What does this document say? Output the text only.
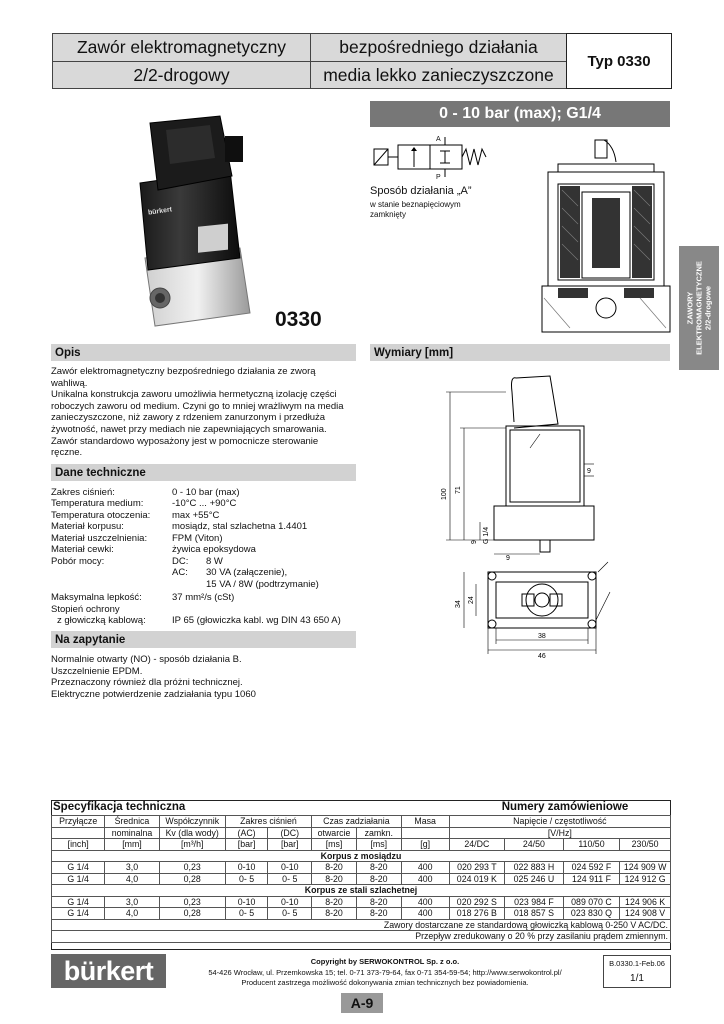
Zawór elektromagnetyczny	bezpośredniego działania
2/2-drogowy	media lekko zanieczyszczone
Typ 0330
0 - 10 bar (max); G1/4
ZAWORY ELEKTROMAGNETYCZNE 2/2-drogowe
bürkert
0330
A
P
Sposób działania „A”
w stanie beznapięciowym
zamknięty
Opis
Zawór elektromagnetyczny bezpośredniego działania ze zworą
wahliwą.
Unikalna konstrukcja zaworu umożliwia hermetyczną izolację części
roboczych zaworu od medium. Czyni go to mniej wrażliwym na media
zanieczyszczone, niż zawory z rdzeniem zanurzonym i przedłuża
żywotność, nawet przy mediach nie zapewniających smarowania.
Zawór standardowo wyposażony jest w pomocnicze sterowanie
ręczne.
Wymiary [mm]
100 71
9 G 1/4
9
9
34
24
38
46
Dane techniczne
Zakres ciśnień:	0 - 10 bar (max)
Temperatura medium:	-10°C ... +90°C
Temperatura otoczenia: max +55°C
Materiał korpusu:	mosiądz, stal szlachetna 1.4401
Materiał uszczelnienia:	FPM (Viton)
Materiał cewki:	żywica epoksydowa
Pobór mocy:	DC: 8 W
AC: 30 VA (załączenie),
15 VA / 8W (podtrzymanie)
Maksymalna lepkość:	37 mm²/s (cSt)
Stopień ochrony
z głowiczką kablową:	IP 65 (głowiczka kabl. wg DIN 43 650 A)
Na zapytanie
Normalnie otwarty (NO) - sposób działania B.
Uszczelnienie EPDM.
Przeznaczony również dla próżni technicznej.
Elektryczne potwierdzenie zadziałania typu 1060
Specyfikacja techniczna	Numery zamówieniowe
Przyłącze	Średnica	Współczynnik	Zakres ciśnień		Czas zadziałania		Masa	Napięcie / częstotliwość			
	nominalna	Kv (dla wody)	(AC)	(DC)	otwarcie	zamkn.		[V/Hz]			
[inch]	[mm]	[m³/h]	[bar]	[bar]	[ms]	[ms]	[g]	24/DC	24/50	110/50	230/50
Korpus z mosiądzu											
G 1/4	3,0	0,23	0-10	0-10	8-20	8-20	400	020 293 T	022 883 H	024 592 F	124 909 W
G 1/4	4,0	0,28	0- 5	0- 5	8-20	8-20	400	024 019 K	025 246 U	124 911 F	124 912 G
Korpus ze stali szlachetnej											
G 1/4	3,0	0,23	0-10	0-10	8-20	8-20	400	020 292 S	023 984 F	089 070 C	124 906 K
G 1/4	4,0	0,28	0- 5	0- 5	8-20	8-20	400	018 276 B	018 857 S	023 830 Q	124 908 V
Zawory dostarczane ze standardową głowiczką kablową 0-250 V AC/DC.											
Przepływ zredukowany o 20 % przy zasilaniu prądem zmiennym.											
bürkert	Copyright by SERWOKONTROL Sp. z o.o.
54-426 Wrocław, ul. Przemkowska 15; tel. 0-71 373-79-64, fax 0-71 354-59-54; http://www.serwokontrol.pl/
Producent zastrzega możliwość dokonywania zmian technicznych bez powiadomienia.
B.0330.1-Feb.06
1/1
A-9
